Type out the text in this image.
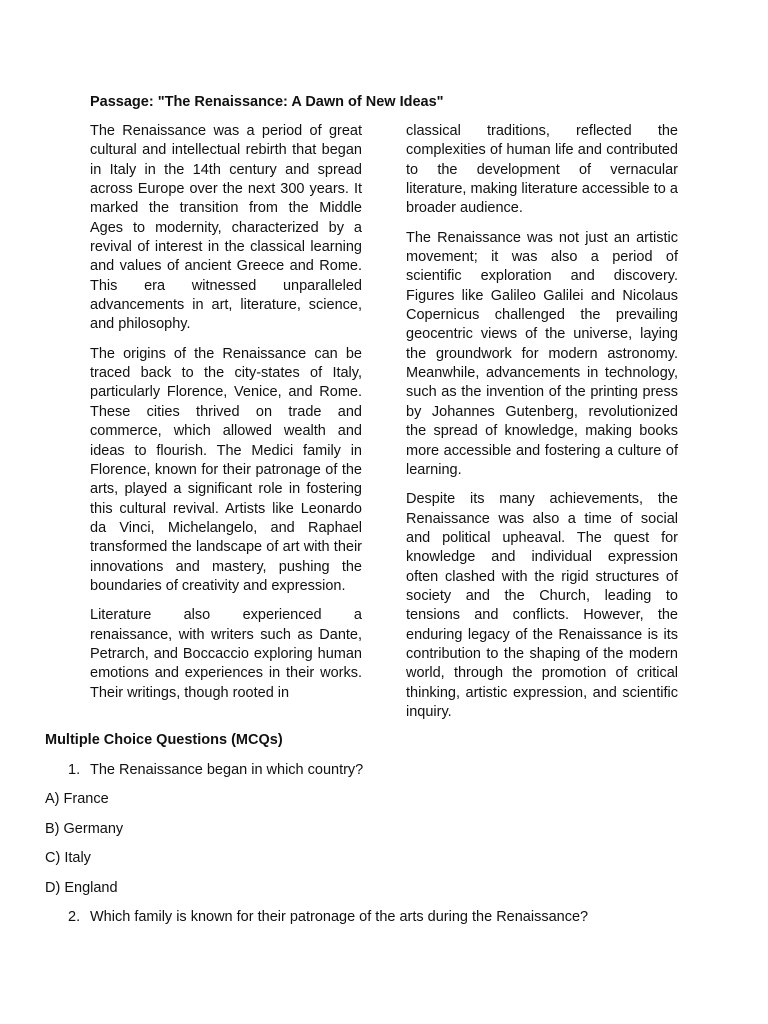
Passage: "The Renaissance: A Dawn of New Ideas"

The Renaissance was a period of great cultural and intellectual rebirth that began in Italy in the 14th century and spread across Europe over the next 300 years. It marked the transition from the Middle Ages to modernity, characterized by a revival of interest in the classical learning and values of ancient Greece and Rome. This era witnessed unparalleled advancements in art, literature, science, and philosophy.

The origins of the Renaissance can be traced back to the city-states of Italy, particularly Florence, Venice, and Rome. These cities thrived on trade and commerce, which allowed wealth and ideas to flourish. The Medici family in Florence, known for their patronage of the arts, played a significant role in fostering this cultural revival. Artists like Leonardo da Vinci, Michelangelo, and Raphael transformed the landscape of art with their innovations and mastery, pushing the boundaries of creativity and expression.

Literature also experienced a renaissance, with writers such as Dante, Petrarch, and Boccaccio exploring human emotions and experiences in their works. Their writings, though rooted in

classical traditions, reflected the complexities of human life and contributed to the development of vernacular literature, making literature accessible to a broader audience.

The Renaissance was not just an artistic movement; it was also a period of scientific exploration and discovery. Figures like Galileo Galilei and Nicolaus Copernicus challenged the prevailing geocentric views of the universe, laying the groundwork for modern astronomy. Meanwhile, advancements in technology, such as the invention of the printing press by Johannes Gutenberg, revolutionized the spread of knowledge, making books more accessible and fostering a culture of learning.

Despite its many achievements, the Renaissance was also a time of social and political upheaval. The quest for knowledge and individual expression often clashed with the rigid structures of society and the Church, leading to tensions and conflicts. However, the enduring legacy of the Renaissance is its contribution to the shaping of the modern world, through the promotion of critical thinking, artistic expression, and scientific inquiry.

Multiple Choice Questions (MCQs)
1. The Renaissance began in which country?
A) France
B) Germany
C) Italy
D) England
2. Which family is known for their patronage of the arts during the Renaissance?
